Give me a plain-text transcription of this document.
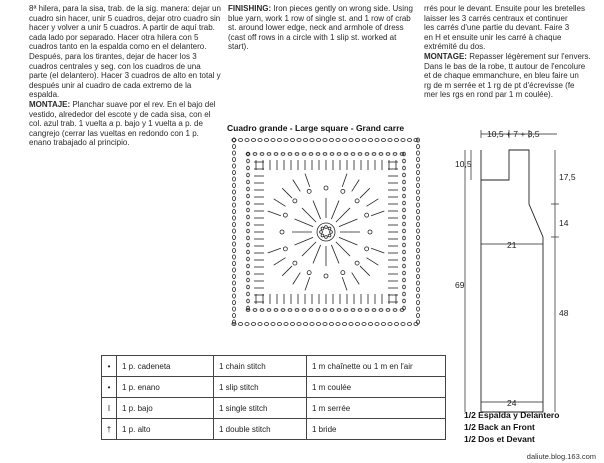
8ª hilera, para la sisa, trab. de la sig. manera: dejar un cuadro sin hacer, unir 5 cuadros, dejar otro cuadro sin hacer y volver a unir 5 cuadros. A partir de aquí trab. cada lado por separado. Hacer otra hilera con 5 cuadros tanto en la espalda como en el delantero. Después, para los tirantes, dejar de hacer los 3 cuadros centrales y seg. con los cuadros de una parte (el delantero). Hacer 3 cuadros de alto en total y después unir al cuadro de cada extremo de la espalda.

MONTAJE: Planchar suave por el rev. En el bajo del vestido, alrededor del escote y de cada sisa, con el col. azul trab. 1 vuelta a p. bajo y 1 vuelta a p. de cangrejo (cerrar las vueltas en redondo con 1 p. enano trabajado al principio.

FINISHING: Iron pieces gently on wrong side. Using blue yarn, work 1 row of single st. and 1 row of crab st. around lower edge, neck and armhole of dress (cast off rows in a circle with 1 slip st. worked at start).

rrés pour le devant. Ensuite pour les bretelles

laisser les 3 carrés centraux et continuer

les carrés d'une partie du devant. Faire 3

en H et ensuite unir les carré à chaque

extrémité du dos.

MONTAGE: Repasser légèrement sur l'envers.

Dans le bas de la robe, tt autour de l'encolure

et de chaque emmanchure, en bleu faire un

rg de m serrée et 1 rg de pt d'écrevisse (fe

mer les rgs en rond par 1 m coulée).

Cuadro grande - Large square - Grand carre
•	1 p. cadeneta	1 chain stitch	1 m chaînette ou 1 m en l'air
•	1 p. enano	1 slip stitch	1 m coulée
I	1 p. bajo	1 single stitch	1 m serrée
†	1 p. alto	1 double stitch	1 bride
10,5 + 7 + 3,5
10,5
17,5
14
21
69
48
24
1/2 Espalda y Delantero
1/2 Back an Front
1/2 Dos et Devant
daliute.blog.163.com
